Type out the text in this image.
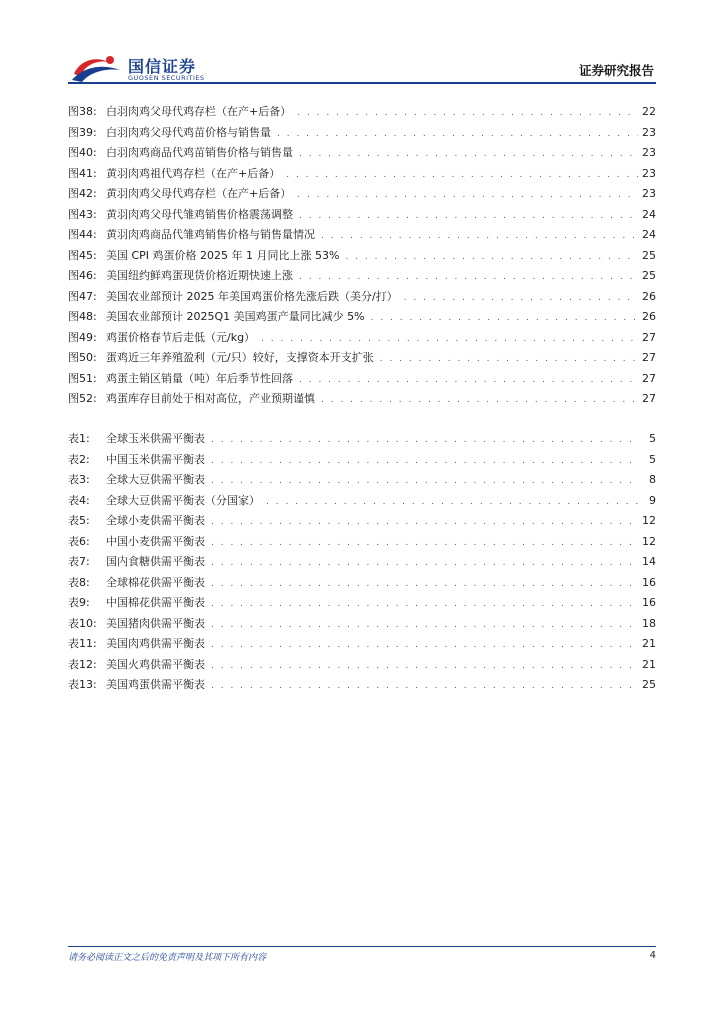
国信证券
GUOSEN SECURITIES	证券研究报告
图38: 白羽肉鸡父母代鸡存栏（在产+后备） . . .	22
图39: 白羽肉鸡父母代鸡苗价格与销售量 . . .	23
图40: 白羽肉鸡商品代鸡苗销售价格与销售量 . . .	23
图41: 黄羽肉鸡祖代鸡存栏（在产+后备） . . .	23
图42: 黄羽肉鸡父母代鸡存栏（在产+后备） . . .	23
图43: 黄羽肉鸡父母代雏鸡销售价格震荡调整 . . .	24
图44: 黄羽肉鸡商品代雏鸡销售价格与销售量情况 . . .	24
图45: 美国 CPI 鸡蛋价格 2025 年 1 月同比上涨 53% . . .	25
图46: 美国纽约鲜鸡蛋现货价格近期快速上涨 . . .	25
图47: 美国农业部预计 2025 年美国鸡蛋价格先涨后跌（美分/打） . . .	26
图48: 美国农业部预计 2025Q1 美国鸡蛋产量同比减少 5% . . .	26
图49: 鸡蛋价格春节后走低（元/kg） . . .	27
图50: 蛋鸡近三年养殖盈利（元/只）较好，支撑资本开支扩张 . . .	27
图51: 鸡蛋主销区销量（吨）年后季节性回落 . . .	27
图52: 鸡蛋库存目前处于相对高位，产业预期谨慎 . . .	27
表1:	全球玉米供需平衡表 . . .	5
表2:	中国玉米供需平衡表 . . .	5
表3:	全球大豆供需平衡表 . . .	8
表4:	全球大豆供需平衡表（分国家） . . .	9
表5:	全球小麦供需平衡表 . . .	12
表6:	中国小麦供需平衡表 . . .	12
表7:	国内食糖供需平衡表 . . .	14
表8:	全球棉花供需平衡表 . . .	16
表9:	中国棉花供需平衡表 . . .	16
表10: 美国猪肉供需平衡表 . . .	18
表11: 美国肉鸡供需平衡表 . . .	21
表12: 美国火鸡供需平衡表 . . .	21
表13: 美国鸡蛋供需平衡表 . . .	25
请务必阅读正文之后的免责声明及其项下所有内容	4
